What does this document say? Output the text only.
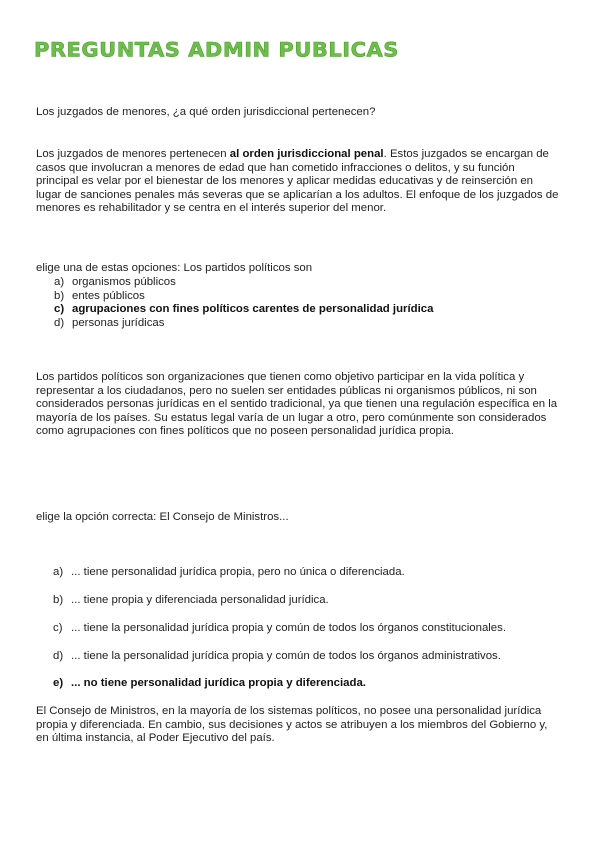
PREGUNTAS ADMIN PUBLICAS

Los juzgados de menores, ¿a qué orden jurisdiccional pertenecen?

Los juzgados de menores pertenecen al orden jurisdiccional penal. Estos juzgados se encargan de casos que involucran a menores de edad que han cometido infracciones o delitos, y su función principal es velar por el bienestar de los menores y aplicar medidas educativas y de reinserción en lugar de sanciones penales más severas que se aplicarían a los adultos. El enfoque de los juzgados de menores es rehabilitador y se centra en el interés superior del menor.

elige una de estas opciones: Los partidos políticos son

a) organismos públicos
b) entes públicos
c) agrupaciones con fines políticos carentes de personalidad jurídica
d) personas jurídicas

Los partidos políticos son organizaciones que tienen como objetivo participar en la vida política y representar a los ciudadanos, pero no suelen ser entidades públicas ni organismos públicos, ni son considerados personas jurídicas en el sentido tradicional, ya que tienen una regulación específica en la mayoría de los países. Su estatus legal varía de un lugar a otro, pero comúnmente son considerados como agrupaciones con fines políticos que no poseen personalidad jurídica propia.

elige la opción correcta: El Consejo de Ministros...

a) ... tiene personalidad jurídica propia, pero no única o diferenciada.
b) ... tiene propia y diferenciada personalidad jurídica.
c) ... tiene la personalidad jurídica propia y común de todos los órganos constitucionales.
d) ... tiene la personalidad jurídica propia y común de todos los órganos administrativos.
e) ... no tiene personalidad jurídica propia y diferenciada.

El Consejo de Ministros, en la mayoría de los sistemas políticos, no posee una personalidad jurídica propia y diferenciada. En cambio, sus decisiones y actos se atribuyen a los miembros del Gobierno y, en última instancia, al Poder Ejecutivo del país.
